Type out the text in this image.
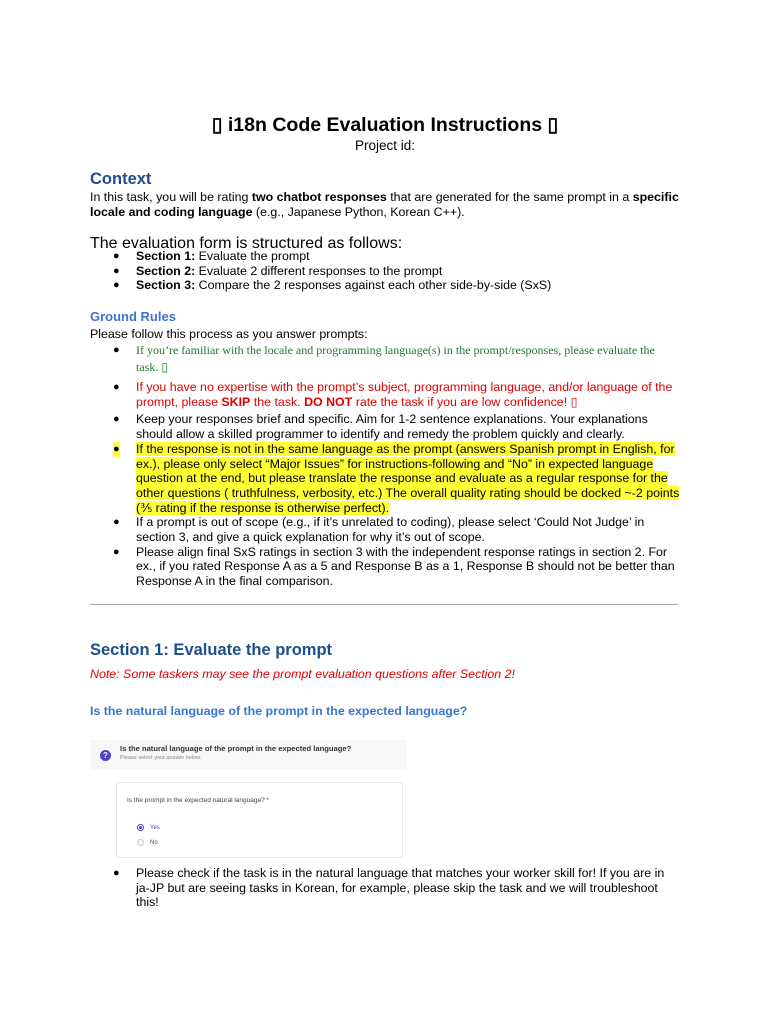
▯ i18n Code Evaluation Instructions ▯
Project id:
Context

In this task, you will be rating two chatbot responses that are generated for the same prompt in a specific locale and coding language (e.g., Japanese Python, Korean C++).

The evaluation form is structured as follows:
● Section 1: Evaluate the prompt
● Section 2: Evaluate 2 different responses to the prompt
● Section 3: Compare the 2 responses against each other side-by-side (SxS)
Ground Rules
Please follow this process as you answer prompts:
● If you’re familiar with the locale and programming language(s) in the prompt/responses, please evaluate the task. ▯
● If you have no expertise with the prompt’s subject, programming language, and/or language of the prompt, please SKIP the task. DO NOT rate the task if you are low confidence! ▯
● Keep your responses brief and specific. Aim for 1-2 sentence explanations. Your explanations should allow a skilled programmer to identify and remedy the problem quickly and clearly.
● If the response is not in the same language as the prompt (answers Spanish prompt in English, for ex.), please only select “Major Issues” for instructions-following and “No” in expected language question at the end, but please translate the response and evaluate as a regular response for the other questions ( truthfulness, verbosity, etc.) The overall quality rating should be docked ~-2 points (⅗ rating if the response is otherwise perfect).
● If a prompt is out of scope (e.g., if it’s unrelated to coding), please select ‘Could Not Judge’ in section 3, and give a quick explanation for why it’s out of scope.
● Please align final SxS ratings in section 3 with the independent response ratings in section 2. For ex., if you rated Response A as a 5 and Response B as a 1, Response B should not be better than Response A in the final comparison.
Section 1: Evaluate the prompt
Note: Some taskers may see the prompt evaluation questions after Section 2!
Is the natural language of the prompt in the expected language?
?
Is the natural language of the prompt in the expected language?
Please select your answer below.
Is the prompt in the expected natural language? *
Yes
No
● Please check if the task is in the natural language that matches your worker skill for! If you are in ja-JP but are seeing tasks in Korean, for example, please skip the task and we will troubleshoot this!
